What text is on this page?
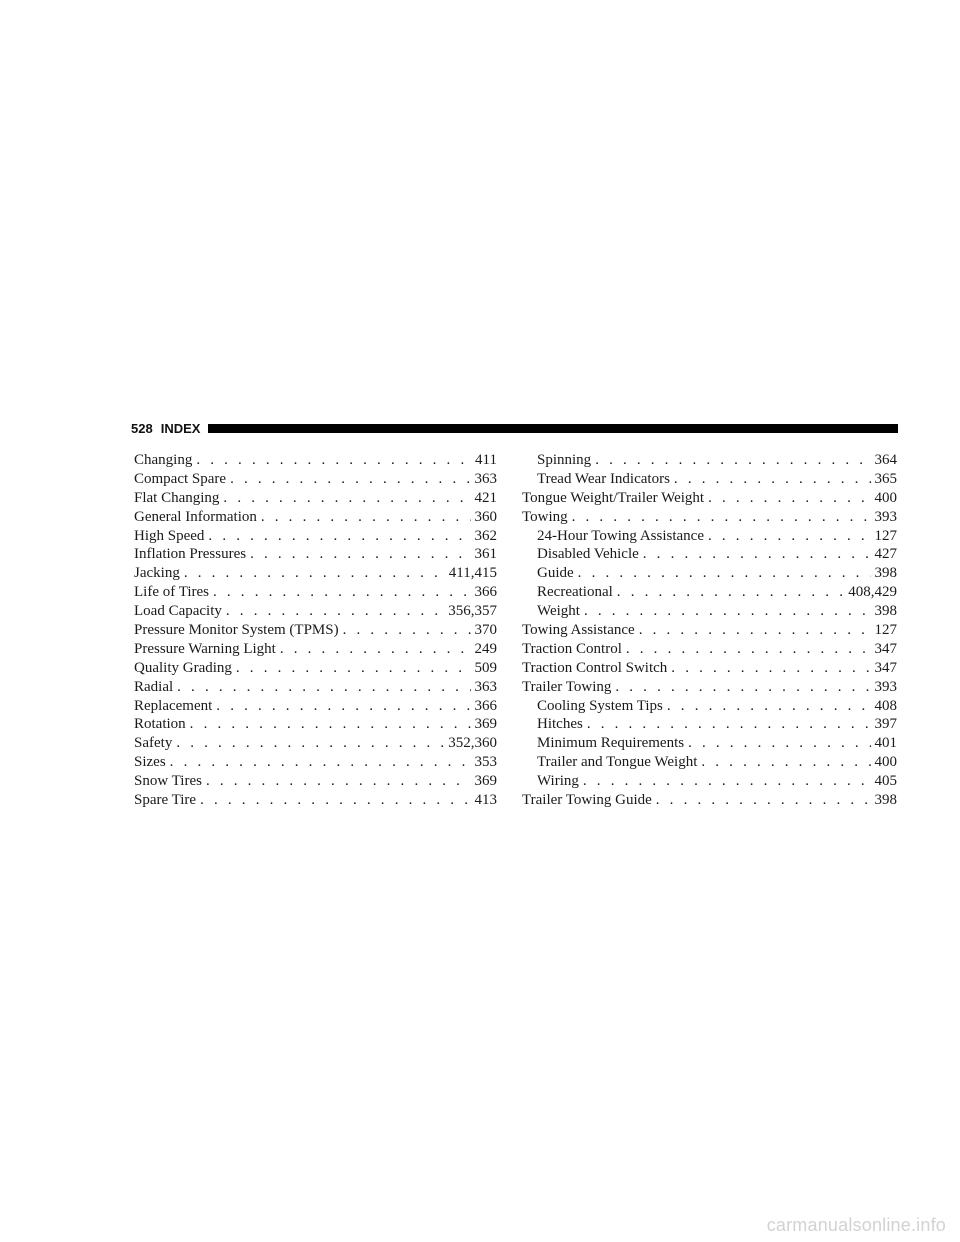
528 INDEX
Changing . . .	411
Compact Spare . . .	363
Flat Changing . . .	421
General Information . . .	360
High Speed . . .	362
Inflation Pressures . . .	361
Jacking . . .	411,415
Life of Tires . . .	366
Load Capacity . . .	356,357
Pressure Monitor System (TPMS) . . .	370
Pressure Warning Light . . .	249
Quality Grading . . .	509
Radial . . .	363
Replacement . . .	366
Rotation . . .	369
Safety . . .	352,360
Sizes . . .	353
Snow Tires . . .	369
Spare Tire . . .	413
Spinning . . .	364
Tread Wear Indicators . . .	365
Tongue Weight/Trailer Weight . . .	400
Towing . . .	393
24-Hour Towing Assistance . . .	127
Disabled Vehicle . . .	427
Guide . . .	398
Recreational . . .	408,429
Weight . . .	398
Towing Assistance . . .	127
Traction Control . . .	347
Traction Control Switch . . .	347
Trailer Towing . . .	393
Cooling System Tips . . .	408
Hitches . . .	397
Minimum Requirements . . .	401
Trailer and Tongue Weight . . .	400
Wiring . . .	405
Trailer Towing Guide . . .	398
carmanualsonline.info
